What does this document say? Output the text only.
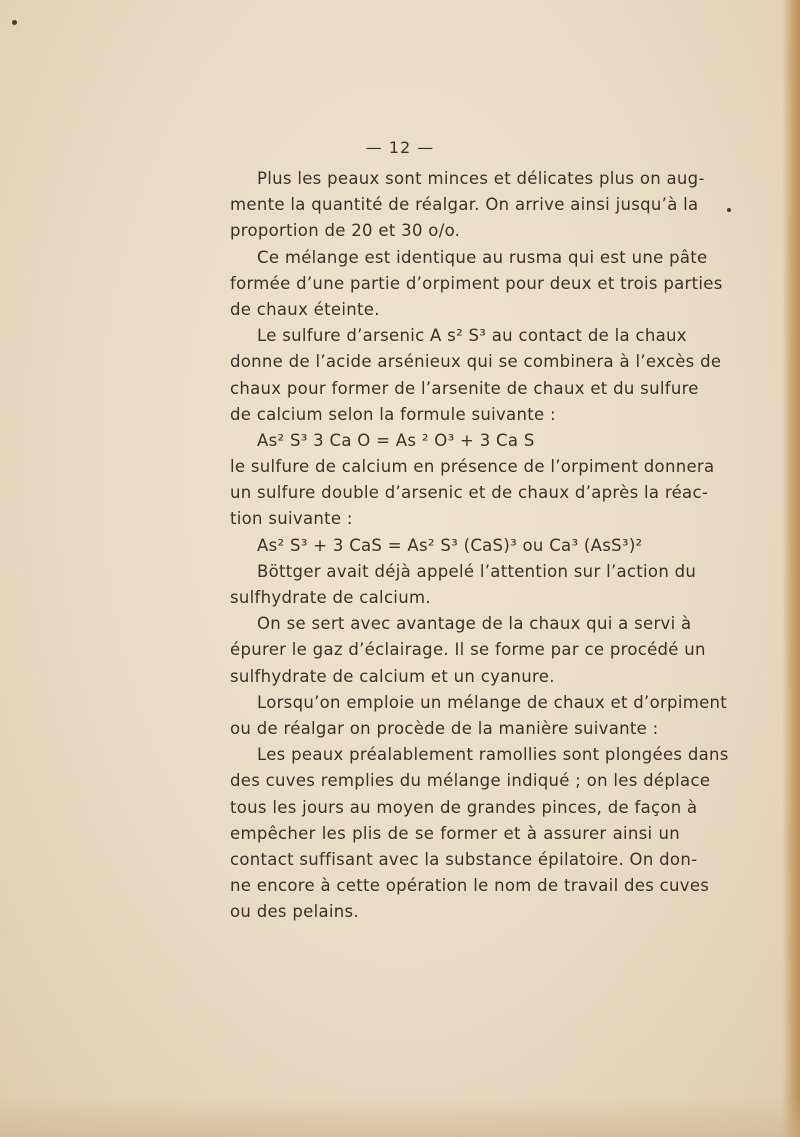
— 12 —
Plus les peaux sont minces et délicates plus on aug-
mente la quantité de réalgar. On arrive ainsi jusqu’à la
proportion de 20 et 30 o/o.
Ce mélange est identique au rusma qui est une pâte
formée d’une partie d’orpiment pour deux et trois parties
de chaux éteinte.
Le sulfure d’arsenic A s² S³ au contact de la chaux
donne de l’acide arsénieux qui se combinera à l’excès de
chaux pour former de l’arsenite de chaux et du sulfure
de calcium selon la formule suivante :
As² S³ 3 Ca O = As ² O³ + 3 Ca S
le sulfure de calcium en présence de l’orpiment donnera
un sulfure double d’arsenic et de chaux d’après la réac-
tion suivante :
As² S³ + 3 CaS = As² S³ (CaS)³ ou Ca³ (AsS³)²
Böttger avait déjà appelé l’attention sur l’action du
sulfhydrate de calcium.
On se sert avec avantage de la chaux qui a servi à
épurer le gaz d’éclairage. Il se forme par ce procédé un
sulfhydrate de calcium et un cyanure.
Lorsqu’on emploie un mélange de chaux et d’orpiment
ou de réalgar on procède de la manière suivante :
Les peaux préalablement ramollies sont plongées dans
des cuves remplies du mélange indiqué ; on les déplace
tous les jours au moyen de grandes pinces, de façon à
empêcher les plis de se former et à assurer ainsi un
contact suffisant avec la substance épilatoire. On don-
ne encore à cette opération le nom de travail des cuves
ou des pelains.
